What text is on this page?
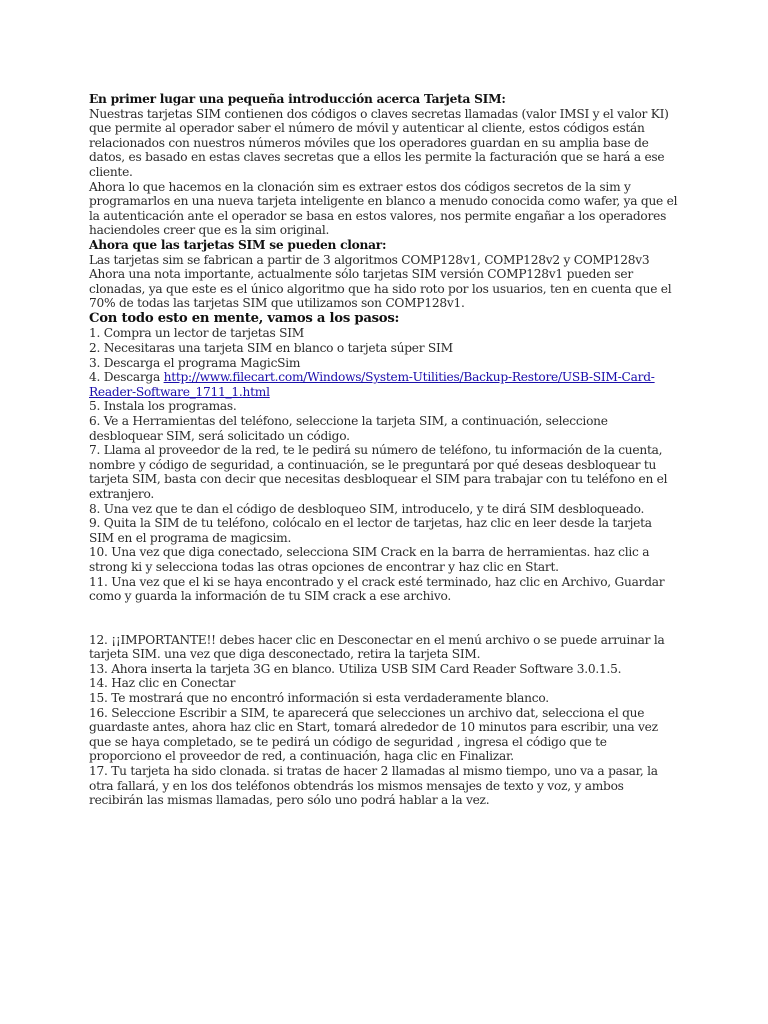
En primer lugar una pequeña introducción acerca Tarjeta SIM:

Nuestras tarjetas SIM contienen dos códigos o claves secretas llamadas (valor IMSI y el valor KI) que permite al operador saber el número de móvil y autenticar al cliente, estos códigos están relacionados con nuestros números móviles que los operadores guardan en su amplia base de datos, es basado en estas claves secretas que a ellos les permite la facturación que se hará a ese cliente.

Ahora lo que hacemos en la clonación sim es extraer estos dos códigos secretos de la sim y programarlos en una nueva tarjeta inteligente en blanco a menudo conocida como wafer, ya que el la autenticación ante el operador se basa en estos valores, nos permite engañar a los operadores haciendoles creer que es la sim original.

Ahora que las tarjetas SIM se pueden clonar:

Las tarjetas sim se fabrican a partir de 3 algoritmos COMP128v1, COMP128v2 y COMP128v3

Ahora una nota importante, actualmente sólo tarjetas SIM versión COMP128v1 pueden ser

clonadas, ya que este es el único algoritmo que ha sido roto por los usuarios, ten en cuenta que el 70% de todas las tarjetas SIM que utilizamos son COMP128v1.

Con todo esto en mente, vamos a los pasos:

1. Compra un lector de tarjetas SIM

2. Necesitaras una tarjeta SIM en blanco o tarjeta súper SIM

3. Descarga el programa MagicSim

4. Descarga http://www.filecart.com/Windows/System-Utilities/Backup-Restore/USB-SIM-Card-Reader-Software_1711_1.html

5. Instala los programas.

6. Ve a Herramientas del teléfono, seleccione la tarjeta SIM, a continuación, seleccione desbloquear SIM, será solicitado un código.

7. Llama al proveedor de la red, te le pedirá su número de teléfono, tu información de la cuenta, nombre y código de seguridad, a continuación, se le preguntará por qué deseas desbloquear tu tarjeta SIM, basta con decir que necesitas desbloquear el SIM para trabajar con tu teléfono en el extranjero.

8. Una vez que te dan el código de desbloqueo SIM, introducelo, y te dirá SIM desbloqueado.

9. Quita la SIM de tu teléfono, colócalo en el lector de tarjetas, haz clic en leer desde la tarjeta SIM en el programa de magicsim.

10. Una vez que diga conectado, selecciona SIM Crack en la barra de herramientas. haz clic a strong ki y selecciona todas las otras opciones de encontrar y haz clic en Start.

11. Una vez que el ki se haya encontrado y el crack esté terminado, haz clic en Archivo, Guardar como y guarda la información de tu SIM crack a ese archivo.

12. ¡¡IMPORTANTE!! debes hacer clic en Desconectar en el menú archivo o se puede arruinar la tarjeta SIM. una vez que diga desconectado, retira la tarjeta SIM.

13. Ahora inserta la tarjeta 3G en blanco. Utiliza USB SIM Card Reader Software 3.0.1.5.

14. Haz clic en Conectar

15. Te mostrará que no encontró información si esta verdaderamente blanco.

16. Seleccione Escribir a SIM, te aparecerá que selecciones un archivo dat, selecciona el que guardaste antes, ahora haz clic en Start, tomará alrededor de 10 minutos para escribir, una vez que se haya completado, se te pedirá un código de seguridad , ingresa el código que te proporciono el proveedor de red, a continuación, haga clic en Finalizar.

17. Tu tarjeta ha sido clonada. si tratas de hacer 2 llamadas al mismo tiempo, uno va a pasar, la otra fallará, y en los dos teléfonos obtendrás los mismos mensajes de texto y voz, y ambos recibirán las mismas llamadas, pero sólo uno podrá hablar a la vez.
